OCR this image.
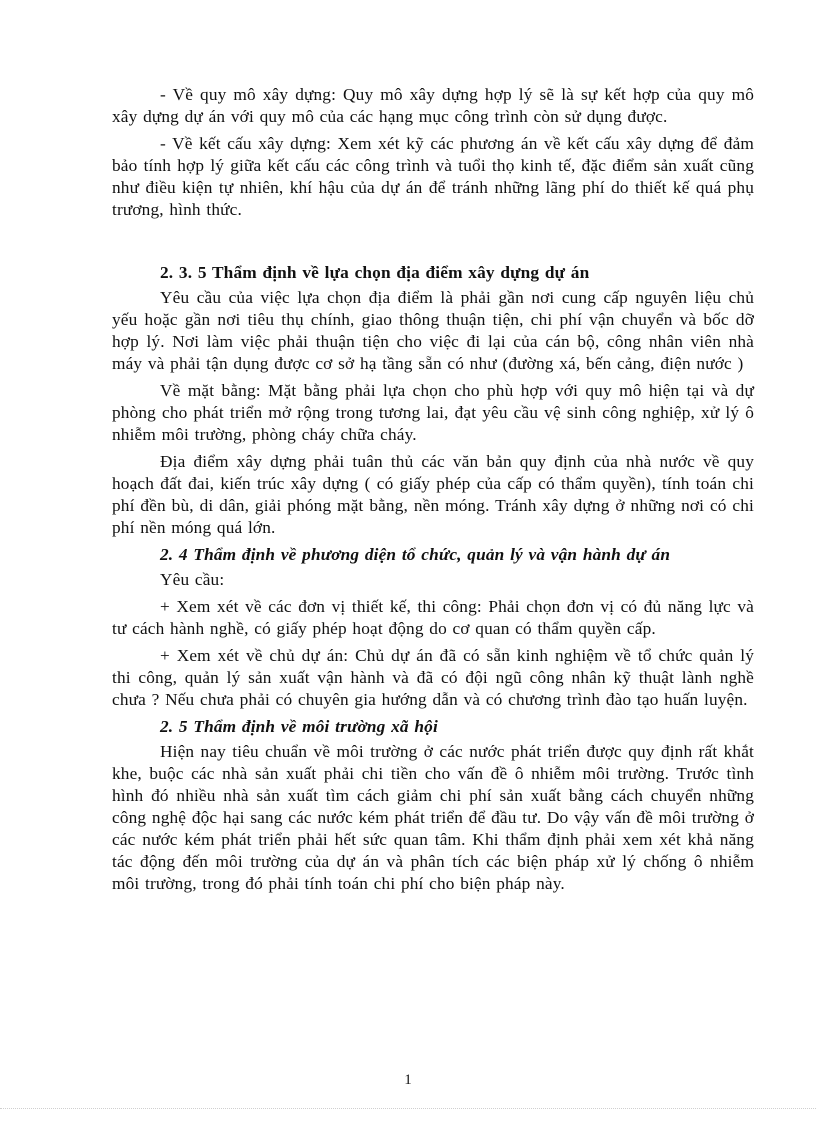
- Về quy mô xây dựng: Quy mô xây dựng hợp lý sẽ là sự kết hợp của quy mô xây dựng dự án với quy mô của các hạng mục công trình còn sử dụng được.

- Về kết cấu xây dựng: Xem xét kỹ các phương án về kết cấu xây dựng để đảm bảo tính hợp lý giữa kết cấu các công trình và tuổi thọ kinh tế, đặc điểm sản xuất cũng như điều kiện tự nhiên, khí hậu của dự án để tránh những lãng phí do thiết kế quá phụ trương, hình thức.

2. 3. 5 Thẩm định về lựa chọn địa điểm xây dựng dự án

Yêu cầu của việc lựa chọn địa điểm là phải gần nơi cung cấp nguyên liệu chủ yếu hoặc gần nơi tiêu thụ chính, giao thông thuận tiện, chi phí vận chuyển và bốc dỡ hợp lý. Nơi làm việc phải thuận tiện cho việc đi lại của cán bộ, công nhân viên nhà máy và phải tận dụng được cơ sở hạ tầng sẵn có như (đường xá, bến cảng, điện nước )

Về mặt bằng: Mặt bằng phải lựa chọn cho phù hợp với quy mô hiện tại và dự phòng cho phát triển mở rộng trong tương lai, đạt yêu cầu vệ sinh công nghiệp, xử lý ô nhiễm môi trường, phòng cháy chữa cháy.

Địa điểm xây dựng phải tuân thủ các văn bản quy định của nhà nước về quy hoạch đất đai, kiến trúc xây dựng ( có giấy phép của cấp có thẩm quyền), tính toán chi phí đền bù, di dân, giải phóng mặt bằng, nền móng. Tránh xây dựng ở những nơi có chi phí nền móng quá lớn.

2. 4 Thẩm định về phương diện tổ chức, quản lý và vận hành dự án

Yêu cầu:

+ Xem xét về các đơn vị thiết kế, thi công: Phải chọn đơn vị có đủ năng lực và tư cách hành nghề, có giấy phép hoạt động do cơ quan có thẩm quyền cấp.

+ Xem xét về chủ dự án: Chủ dự án đã có sẵn kinh nghiệm về tổ chức quản lý thi công, quản lý sản xuất vận hành và đã có đội ngũ công nhân kỹ thuật lành nghề chưa ? Nếu chưa phải có chuyên gia hướng dẫn và có chương trình đào tạo huấn luyện.

2. 5 Thẩm định về môi trường xã hội

Hiện nay tiêu chuẩn về môi trường ở các nước phát triển được quy định rất khắt khe, buộc các nhà sản xuất phải chi tiền cho vấn đề ô nhiễm môi trường. Trước tình hình đó nhiều nhà sản xuất tìm cách giảm chi phí sản xuất bằng cách chuyển những công nghệ độc hại sang các nước kém phát triển để đầu tư. Do vậy vấn đề môi trường ở các nước kém phát triển phải hết sức quan tâm. Khi thẩm định phải xem xét khả năng tác động đến môi trường của dự án và phân tích các biện pháp xử lý chống ô nhiễm môi trường, trong đó phải tính toán chi phí cho biện pháp này.

1
